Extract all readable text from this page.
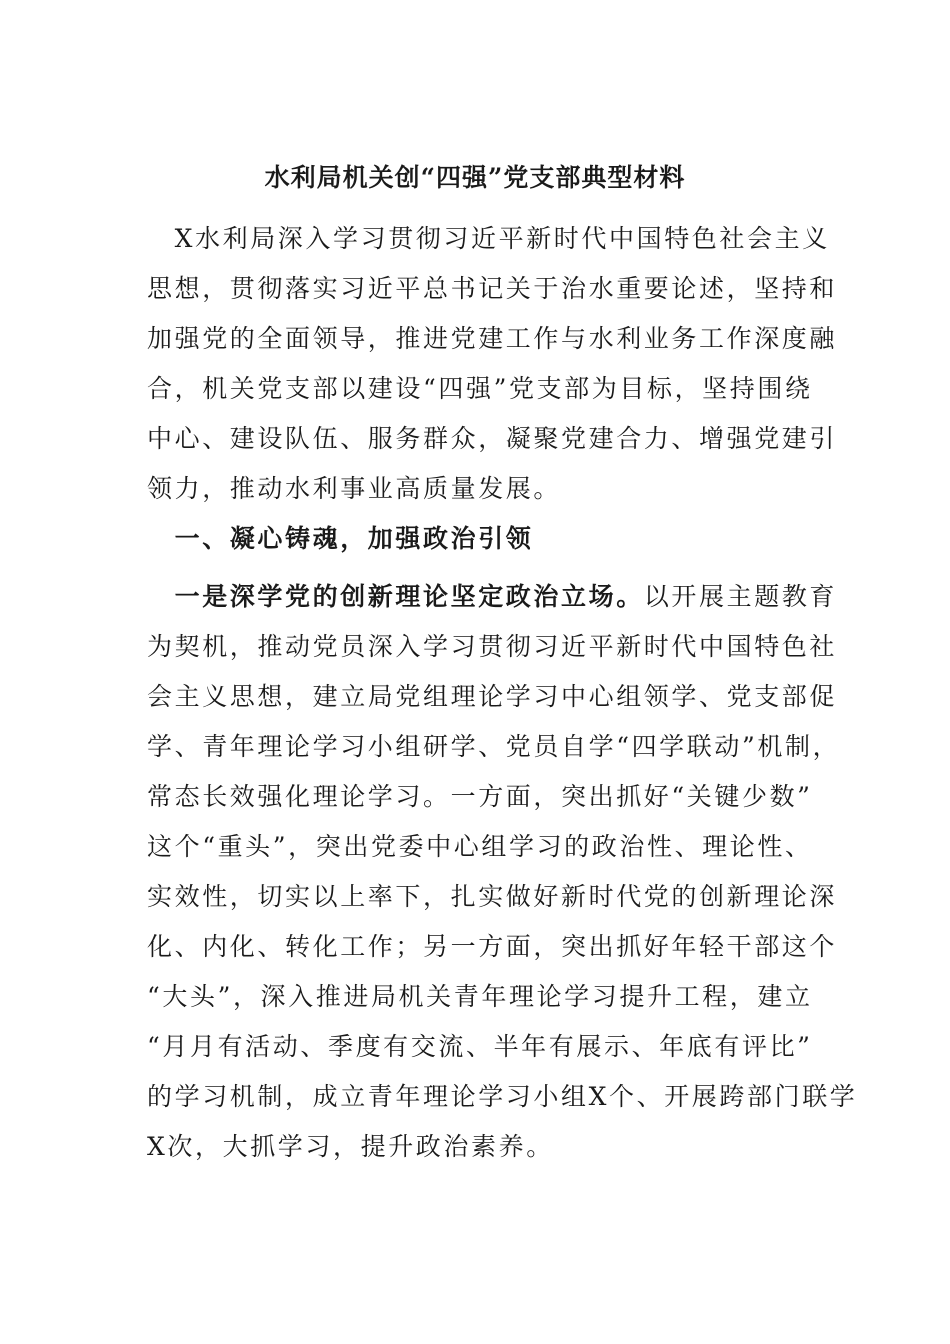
水利局机关创“四强”党支部典型材料
　X水利局深入学习贯彻习近平新时代中国特色社会主义
思想，贯彻落实习近平总书记关于治水重要论述，坚持和
加强党的全面领导，推进党建工作与水利业务工作深度融
合，机关党支部以建设“四强”党支部为目标，坚持围绕
中心、建设队伍、服务群众，凝聚党建合力、增强党建引
领力，推动水利事业高质量发展。
　一、凝心铸魂，加强政治引领
　一是深学党的创新理论坚定政治立场。以开展主题教育
为契机，推动党员深入学习贯彻习近平新时代中国特色社
会主义思想，建立局党组理论学习中心组领学、党支部促
学、青年理论学习小组研学、党员自学“四学联动”机制，
常态长效强化理论学习。一方面，突出抓好“关键少数”
这个“重头”，突出党委中心组学习的政治性、理论性、
实效性，切实以上率下，扎实做好新时代党的创新理论深
化、内化、转化工作；另一方面，突出抓好年轻干部这个
“大头”，深入推进局机关青年理论学习提升工程，建立
“月月有活动、季度有交流、半年有展示、年底有评比”
的学习机制，成立青年理论学习小组X个、开展跨部门联学
X次，大抓学习，提升政治素养。
